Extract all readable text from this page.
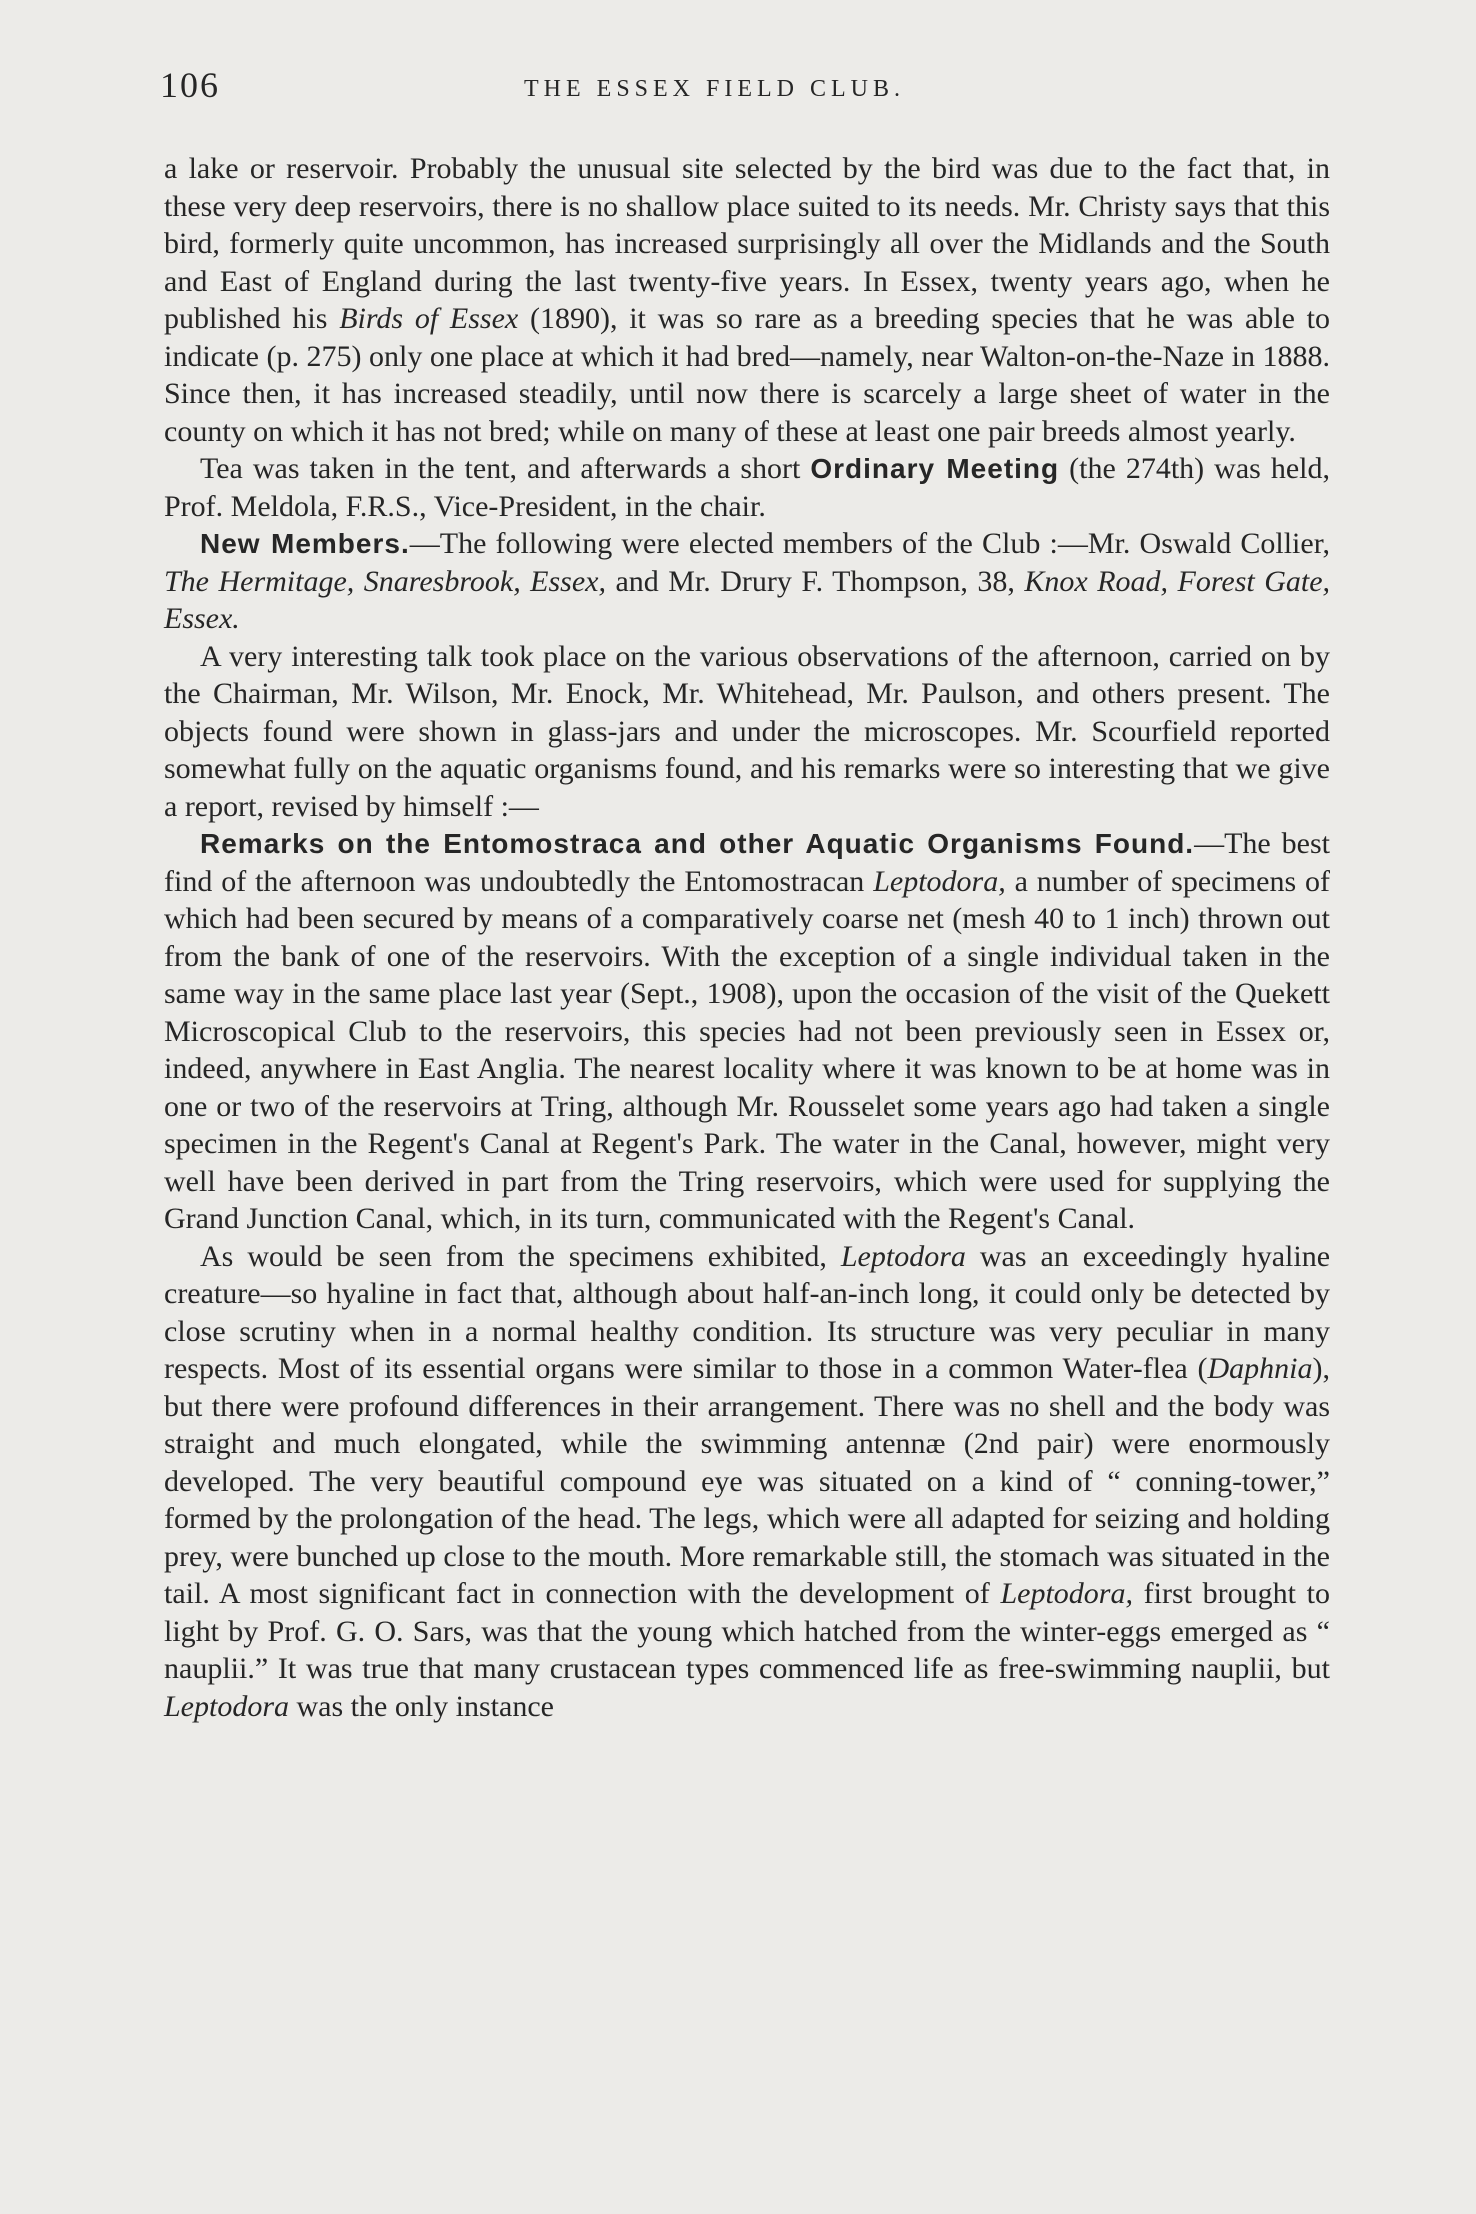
106	THE ESSEX FIELD CLUB.

a lake or reservoir. Probably the unusual site selected by the bird was due to the fact that, in these very deep reservoirs, there is no shallow place suited to its needs. Mr. Christy says that this bird, formerly quite uncommon, has increased surprisingly all over the Midlands and the South and East of England during the last twenty-five years. In Essex, twenty years ago, when he published his Birds of Essex (1890), it was so rare as a breeding species that he was able to indicate (p. 275) only one place at which it had bred—namely, near Walton-on-the-Naze in 1888. Since then, it has increased steadily, until now there is scarcely a large sheet of water in the county on which it has not bred; while on many of these at least one pair breeds almost yearly.

Tea was taken in the tent, and afterwards a short Ordinary Meeting (the 274th) was held, Prof. Meldola, F.R.S., Vice-President, in the chair.

New Members.—The following were elected members of the Club :—Mr. Oswald Collier, The Hermitage, Snaresbrook, Essex, and Mr. Drury F. Thompson, 38, Knox Road, Forest Gate, Essex.

A very interesting talk took place on the various observations of the afternoon, carried on by the Chairman, Mr. Wilson, Mr. Enock, Mr. Whitehead, Mr. Paulson, and others present. The objects found were shown in glass-jars and under the microscopes. Mr. Scourfield reported somewhat fully on the aquatic organisms found, and his remarks were so interesting that we give a report, revised by himself :—

Remarks on the Entomostraca and other Aquatic Organisms Found.—The best find of the afternoon was undoubtedly the Entomostracan Leptodora, a number of specimens of which had been secured by means of a comparatively coarse net (mesh 40 to 1 inch) thrown out from the bank of one of the reservoirs. With the exception of a single individual taken in the same way in the same place last year (Sept., 1908), upon the occasion of the visit of the Quekett Microscopical Club to the reservoirs, this species had not been previously seen in Essex or, indeed, anywhere in East Anglia. The nearest locality where it was known to be at home was in one or two of the reservoirs at Tring, although Mr. Rousselet some years ago had taken a single specimen in the Regent's Canal at Regent's Park. The water in the Canal, however, might very well have been derived in part from the Tring reservoirs, which were used for supplying the Grand Junction Canal, which, in its turn, communicated with the Regent's Canal.

As would be seen from the specimens exhibited, Leptodora was an exceedingly hyaline creature—so hyaline in fact that, although about half-an-inch long, it could only be detected by close scrutiny when in a normal healthy condition. Its structure was very peculiar in many respects. Most of its essential organs were similar to those in a common Water-flea (Daphnia), but there were profound differences in their arrangement. There was no shell and the body was straight and much elongated, while the swimming antennæ (2nd pair) were enormously developed. The very beautiful compound eye was situated on a kind of “ conning-tower,” formed by the prolongation of the head. The legs, which were all adapted for seizing and holding prey, were bunched up close to the mouth. More remarkable still, the stomach was situated in the tail. A most significant fact in connection with the development of Leptodora, first brought to light by Prof. G. O. Sars, was that the young which hatched from the winter-eggs emerged as “ nauplii.” It was true that many crustacean types commenced life as free-swimming nauplii, but Leptodora was the only instance
